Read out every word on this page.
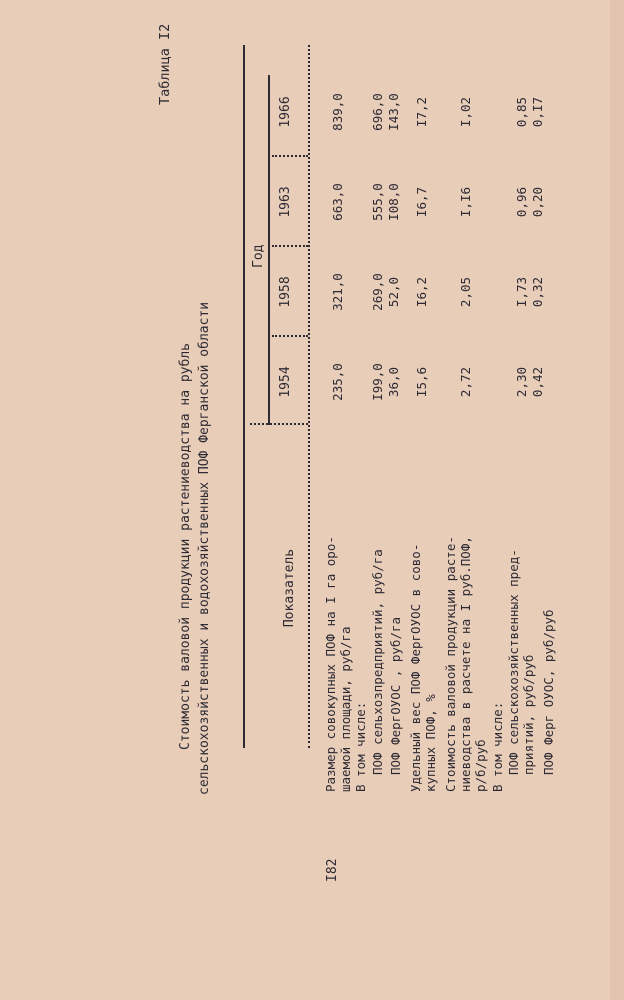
Таблица I2
Стоимость валовой продукции растениеводства на рубль сельскохозяйственных и водохозяйственных ПОФ Ферганской области	Показатель
Год
1954
1958
1963
1966
Размер совокупных ПОФ на I га оро- шаемой площади, руб/га
235,0
321,0
663,0
839,0
В том числе: ПОФ сельхозпредприятий, руб/га
I99,0
269,0
555,0
696,0
ПОФ ФергОУОС , руб/га
36,0
52,0
I08,0
I43,0
Удельный вес ПОФ ФергОУОС в сово- купных ПОФ, %
I5,6
I6,2
I6,7
I7,2
Стоимость валовой продукции расте- ниеводства в расчете на I руб.ПОФ, р/б/руб
2,72
2,05
I,I6
I,02
В том числе: ПОФ сельскохозяйственных пред- приятий, руб/руб
2,30
I,73
0,96
0,85
ПОФ Ферг ОУОС, руб/руб
0,42
0,32
0,20
0,I7
I82
